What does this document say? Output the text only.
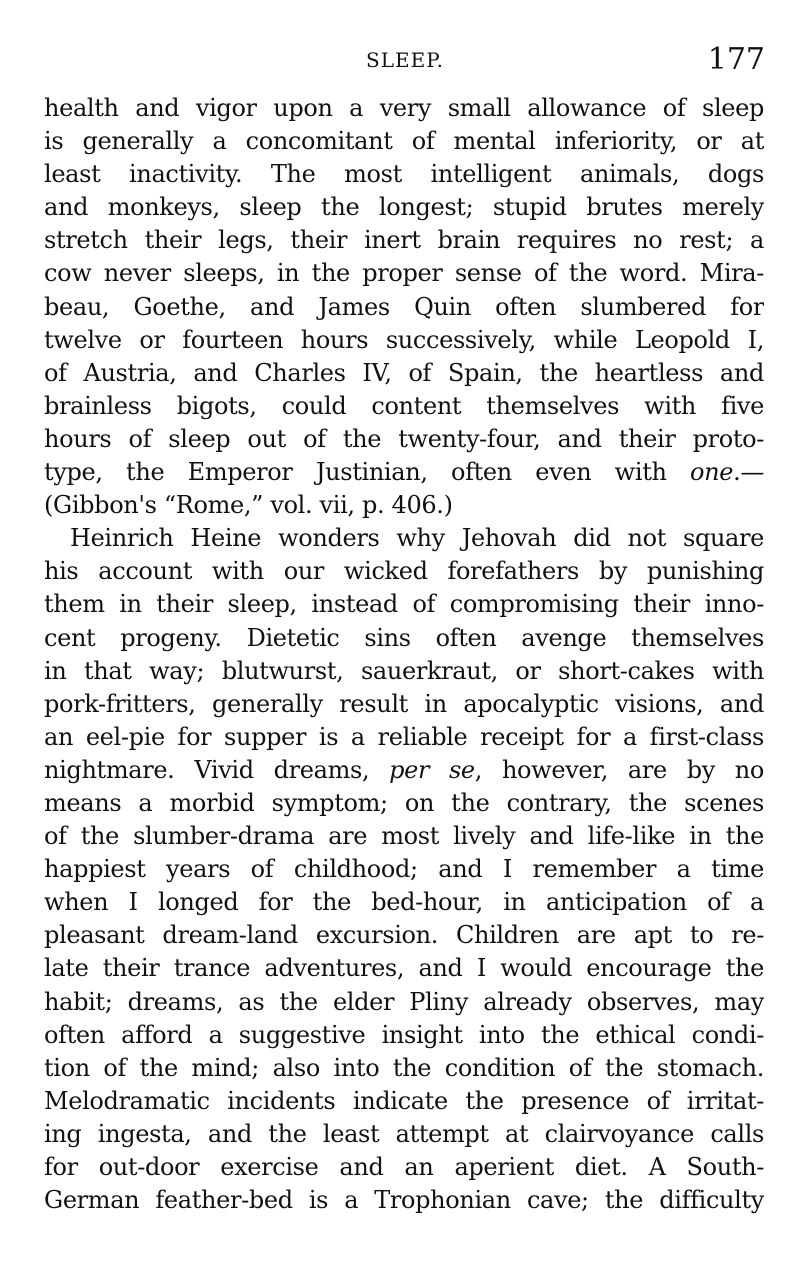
SLEEP.	177
health and vigor upon a very small allowance of sleep
is generally a concomitant of mental inferiority, or at
least inactivity. The most intelligent animals, dogs
and monkeys, sleep the longest; stupid brutes merely
stretch their legs, their inert brain requires no rest; a
cow never sleeps, in the proper sense of the word. Mira-
beau, Goethe, and James Quin often slumbered for
twelve or fourteen hours successively, while Leopold I,
of Austria, and Charles IV, of Spain, the heartless and
brainless bigots, could content themselves with five
hours of sleep out of the twenty-four, and their proto-
type, the Emperor Justinian, often even with one.—
(Gibbon's “Rome,” vol. vii, p. 406.)
Heinrich Heine wonders why Jehovah did not square
his account with our wicked forefathers by punishing
them in their sleep, instead of compromising their inno-
cent progeny. Dietetic sins often avenge themselves
in that way; blutwurst, sauerkraut, or short-cakes with
pork-fritters, generally result in apocalyptic visions, and
an eel-pie for supper is a reliable receipt for a first-class
nightmare. Vivid dreams, per se, however, are by no
means a morbid symptom; on the contrary, the scenes
of the slumber-drama are most lively and life-like in the
happiest years of childhood; and I remember a time
when I longed for the bed-hour, in anticipation of a
pleasant dream-land excursion. Children are apt to re-
late their trance adventures, and I would encourage the
habit; dreams, as the elder Pliny already observes, may
often afford a suggestive insight into the ethical condi-
tion of the mind; also into the condition of the stomach.
Melodramatic incidents indicate the presence of irritat-
ing ingesta, and the least attempt at clairvoyance calls
for out-door exercise and an aperient diet. A South-
German feather-bed is a Trophonian cave; the difficulty
